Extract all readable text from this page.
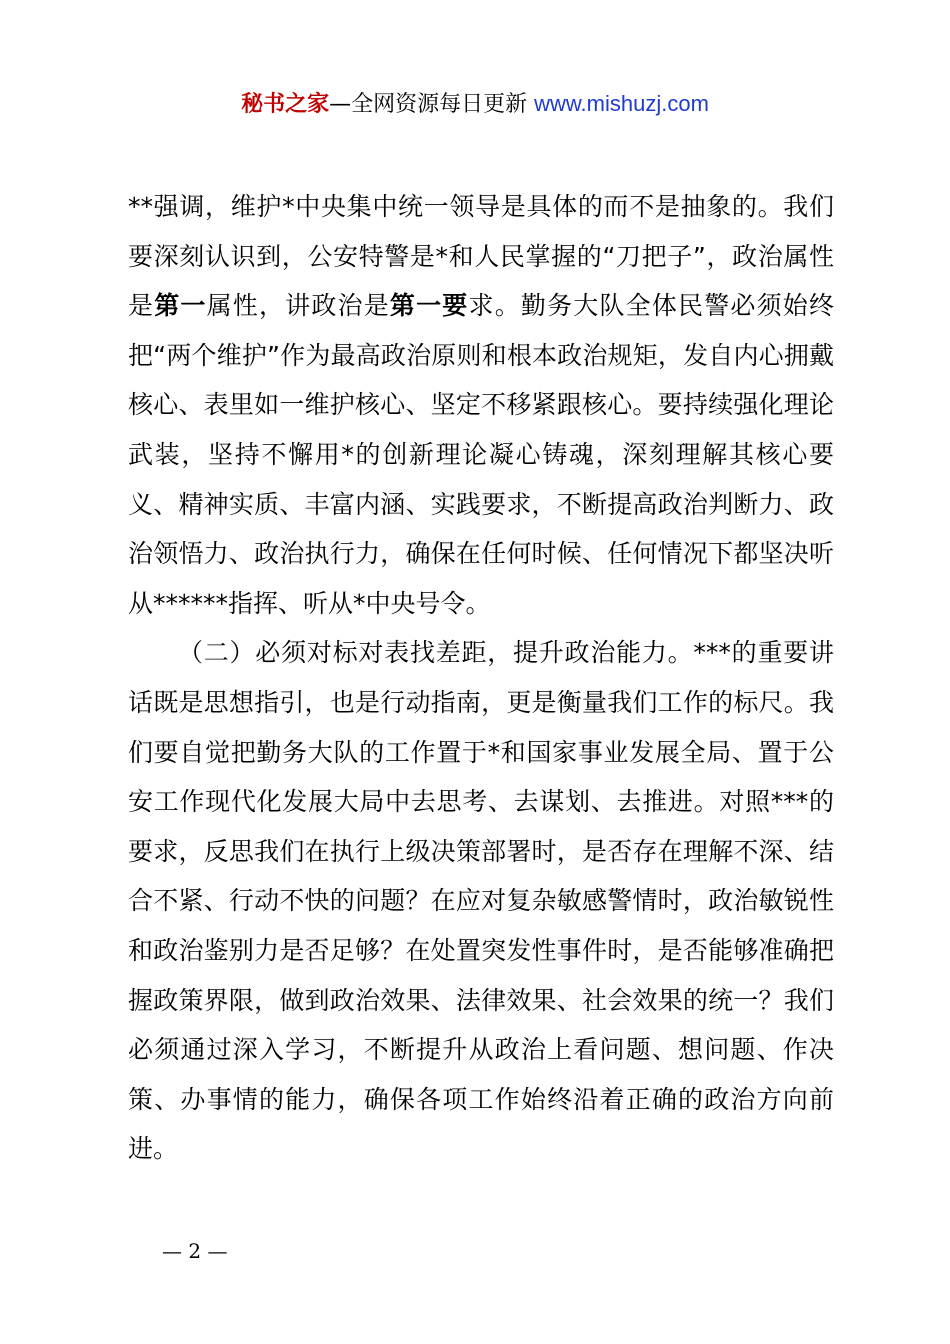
秘书之家—全网资源每日更新 www.mishuzj.com

**强调，维护*中央集中统一领导是具体的而不是抽象的。我们要深刻认识到，公安特警是*和人民掌握的“刀把子”，政治属性是第一属性，讲政治是第一要求。勤务大队全体民警必须始终把“两个维护”作为最高政治原则和根本政治规矩，发自内心拥戴核心、表里如一维护核心、坚定不移紧跟核心。要持续强化理论武装，坚持不懈用*的创新理论凝心铸魂，深刻理解其核心要义、精神实质、丰富内涵、实践要求，不断提高政治判断力、政治领悟力、政治执行力，确保在任何时候、任何情况下都坚决听从******指挥、听从*中央号令。

（二）必须对标对表找差距，提升政治能力。***的重要讲话既是思想指引，也是行动指南，更是衡量我们工作的标尺。我们要自觉把勤务大队的工作置于*和国家事业发展全局、置于公安工作现代化发展大局中去思考、去谋划、去推进。对照***的要求，反思我们在执行上级决策部署时，是否存在理解不深、结合不紧、行动不快的问题？在应对复杂敏感警情时，政治敏锐性和政治鉴别力是否足够？在处置突发性事件时，是否能够准确把握政策界限，做到政治效果、法律效果、社会效果的统一？我们必须通过深入学习，不断提升从政治上看问题、想问题、作决策、办事情的能力，确保各项工作始终沿着正确的政治方向前进。

— 2 —
